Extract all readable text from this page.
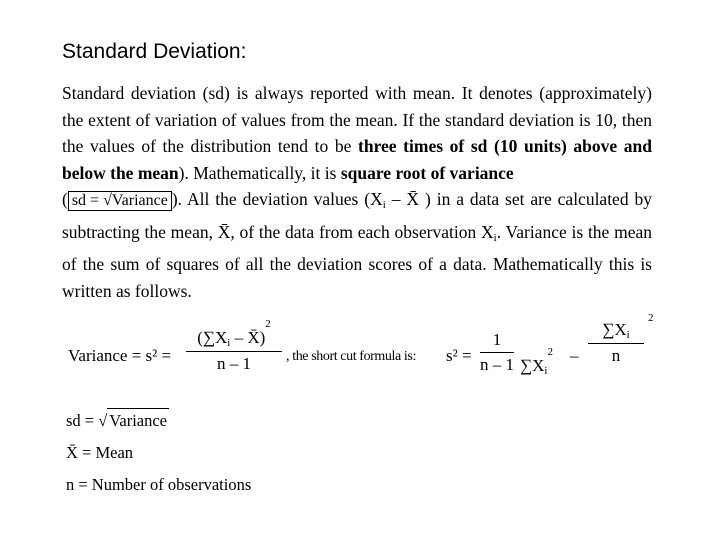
Standard Deviation:

Standard deviation (sd) is always reported with mean. It denotes (approximately) the extent of variation of values from the mean. If the standard deviation is 10, then the values of the distribution tend to be three times of sd (10 units) above and below the mean). Mathematically, it is square root of variance
( sd = √Variance ). All the deviation values ($X_i$ – X̄ ) in a data set are calculated by subtracting the mean, X̄, of the data from each observation $X_i$. Variance is the mean of the sum of squares of all the deviation scores of a data. Mathematically this is written as follows.

Variance = $s^2 = \frac{(\sum X_i - X̄)^2}{n - 1}$ , the short cut formula is: $s^2 = \frac{1}{n - 1} \sum X_i^2 - \frac{\sum X_i}{n}$
2
sd = √ Variance
X̄ = Mean
n = Number of observations
